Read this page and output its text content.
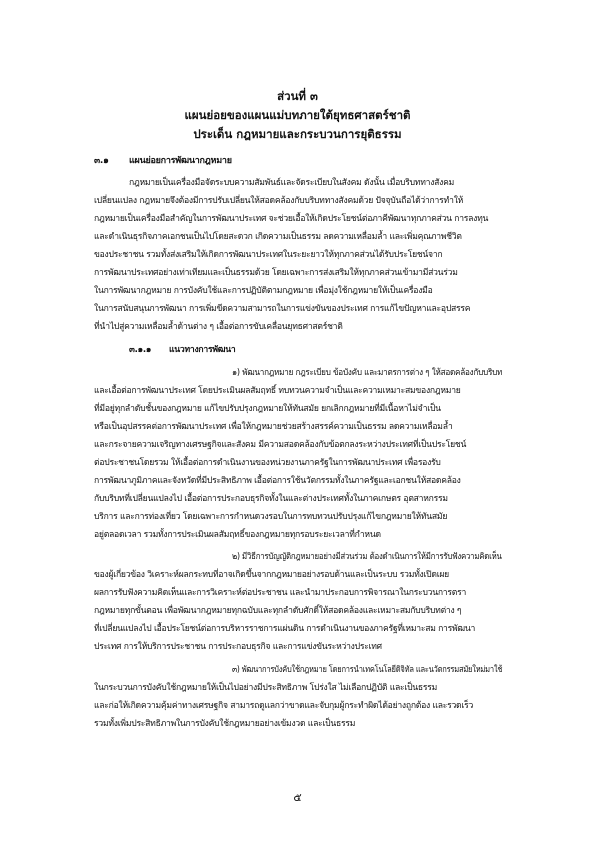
ส่วนที่ ๓
แผนย่อยของแผนแม่บทภายใต้ยุทธศาสตร์ชาติ
ประเด็น กฎหมายและกระบวนการยุติธรรม
๓.๑ แผนย่อยการพัฒนากฎหมาย
กฎหมายเป็นเครื่องมือจัดระบบความสัมพันธ์และจัดระเบียบในสังคม ดังนั้น เมื่อบริบททางสังคม
เปลี่ยนแปลง กฎหมายจึงต้องมีการปรับเปลี่ยนให้สอดคล้องกับบริบททางสังคมด้วย ปัจจุบันถือได้ว่าการทำให้
กฎหมายเป็นเครื่องมือสำคัญในการพัฒนาประเทศ จะช่วยเอื้อให้เกิดประโยชน์ต่อภาคีพัฒนาทุกภาคส่วน การลงทุน
และดำเนินธุรกิจภาคเอกชนเป็นไปโดยสะดวก เกิดความเป็นธรรม ลดความเหลื่อมล้ำ และเพิ่มคุณภาพชีวิต
ของประชาชน รวมทั้งส่งเสริมให้เกิดการพัฒนาประเทศในระยะยาวให้ทุกภาคส่วนได้รับประโยชน์จาก
การพัฒนาประเทศอย่างเท่าเทียมและเป็นธรรมด้วย โดยเฉพาะการส่งเสริมให้ทุกภาคส่วนเข้ามามีส่วนร่วม
ในการพัฒนากฎหมาย การบังคับใช้และการปฏิบัติตามกฎหมาย เพื่อมุ่งใช้กฎหมายให้เป็นเครื่องมือ
ในการสนับสนุนการพัฒนา การเพิ่มขีดความสามารถในการแข่งขันของประเทศ การแก้ไขปัญหาและอุปสรรค
ที่นำไปสู่ความเหลื่อมล้ำด้านต่าง ๆ เอื้อต่อการขับเคลื่อนยุทธศาสตร์ชาติ
๓.๑.๑ แนวทางการพัฒนา
๑) พัฒนากฎหมาย กฎระเบียบ ข้อบังคับ และมาตรการต่าง ๆ ให้สอดคล้องกับบริบท
และเอื้อต่อการพัฒนาประเทศ โดยประเมินผลสัมฤทธิ์ ทบทวนความจำเป็นและความเหมาะสมของกฎหมาย
ที่มีอยู่ทุกลำดับชั้นของกฎหมาย แก้ไขปรับปรุงกฎหมายให้ทันสมัย ยกเลิกกฎหมายที่มีเนื้อหาไม่จำเป็น
หรือเป็นอุปสรรคต่อการพัฒนาประเทศ เพื่อให้กฎหมายช่วยสร้างสรรค์ความเป็นธรรม ลดความเหลื่อมล้ำ
และกระจายความเจริญทางเศรษฐกิจและสังคม มีความสอดคล้องกับข้อตกลงระหว่างประเทศที่เป็นประโยชน์
ต่อประชาชนโดยรวม ให้เอื้อต่อการดำเนินงานของหน่วยงานภาครัฐในการพัฒนาประเทศ เพื่อรองรับ
การพัฒนาภูมิภาคและจังหวัดที่มีประสิทธิภาพ เอื้อต่อการใช้นวัตกรรมทั้งในภาครัฐและเอกชนให้สอดคล้อง
กับบริบทที่เปลี่ยนแปลงไป เอื้อต่อการประกอบธุรกิจทั้งในและต่างประเทศทั้งในภาคเกษตร อุตสาหกรรม
บริการ และการท่องเที่ยว โดยเฉพาะการกำหนดวงรอบในการทบทวนปรับปรุงแก้ไขกฎหมายให้ทันสมัย
อยู่ตลอดเวลา รวมทั้งการประเมินผลสัมฤทธิ์ของกฎหมายทุกรอบระยะเวลาที่กำหนด
๒) มีวิธีการบัญญัติกฎหมายอย่างมีส่วนร่วม ต้องดำเนินการให้มีการรับฟังความคิดเห็น
ของผู้เกี่ยวข้อง วิเคราะห์ผลกระทบที่อาจเกิดขึ้นจากกฎหมายอย่างรอบด้านและเป็นระบบ รวมทั้งเปิดเผย
ผลการรับฟังความคิดเห็นและการวิเคราะห์ต่อประชาชน และนำมาประกอบการพิจารณาในกระบวนการตรา
กฎหมายทุกขั้นตอน เพื่อพัฒนากฎหมายทุกฉบับและทุกลำดับศักดิ์ให้สอดคล้องและเหมาะสมกับบริบทต่าง ๆ
ที่เปลี่ยนแปลงไป เอื้อประโยชน์ต่อการบริหารราชการแผ่นดิน การดำเนินงานของภาครัฐที่เหมาะสม การพัฒนา
ประเทศ การให้บริการประชาชน การประกอบธุรกิจ และการแข่งขันระหว่างประเทศ
๓) พัฒนาการบังคับใช้กฎหมาย โดยการนำเทคโนโลยีดิจิทัล และนวัตกรรมสมัยใหม่มาใช้
ในกระบวนการบังคับใช้กฎหมายให้เป็นไปอย่างมีประสิทธิภาพ โปร่งใส ไม่เลือกปฏิบัติ และเป็นธรรม
และก่อให้เกิดความคุ้มค่าทางเศรษฐกิจ สามารถดูแลกว่าขาดและจับกุมผู้กระทำผิดได้อย่างถูกต้อง และรวดเร็ว
รวมทั้งเพิ่มประสิทธิภาพในการบังคับใช้กฎหมายอย่างเข้มงวด และเป็นธรรม
๕
